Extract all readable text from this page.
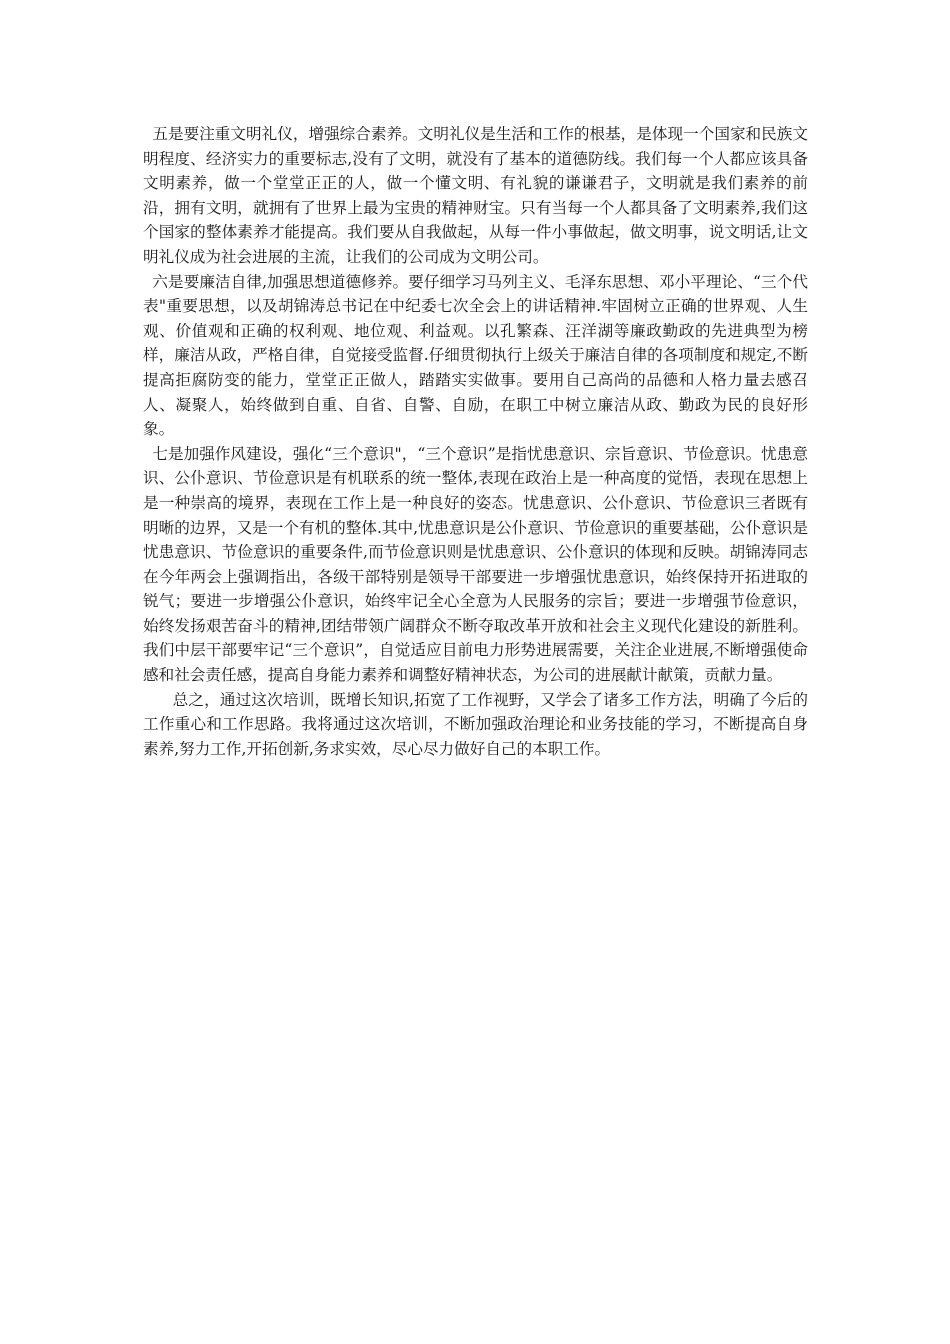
五是要注重文明礼仪，增强综合素养。文明礼仪是生活和工作的根基，是体现一个国家和民族文明程度、经济实力的重要标志,没有了文明，就没有了基本的道德防线。我们每一个人都应该具备文明素养，做一个堂堂正正的人，做一个懂文明、有礼貌的谦谦君子，文明就是我们素养的前沿，拥有文明，就拥有了世界上最为宝贵的精神财宝。只有当每一个人都具备了文明素养,我们这个国家的整体素养才能提高。我们要从自我做起，从每一件小事做起，做文明事，说文明话,让文明礼仪成为社会进展的主流，让我们的公司成为文明公司。

六是要廉洁自律,加强思想道德修养。要仔细学习马列主义、毛泽东思想、邓小平理论、“三个代表"重要思想，以及胡锦涛总书记在中纪委七次全会上的讲话精神.牢固树立正确的世界观、人生观、价值观和正确的权利观、地位观、利益观。以孔繁森、汪洋湖等廉政勤政的先进典型为榜样，廉洁从政，严格自律，自觉接受监督.仔细贯彻执行上级关于廉洁自律的各项制度和规定,不断提高拒腐防变的能力，堂堂正正做人，踏踏实实做事。要用自己高尚的品德和人格力量去感召人、凝聚人，始终做到自重、自省、自警、自励，在职工中树立廉洁从政、勤政为民的良好形象。

七是加强作风建设，强化“三个意识"，“三个意识”是指忧患意识、宗旨意识、节俭意识。忧患意识、公仆意识、节俭意识是有机联系的统一整体,表现在政治上是一种高度的觉悟，表现在思想上是一种崇高的境界，表现在工作上是一种良好的姿态。忧患意识、公仆意识、节俭意识三者既有明晰的边界，又是一个有机的整体.其中,忧患意识是公仆意识、节俭意识的重要基础，公仆意识是忧患意识、节俭意识的重要条件,而节俭意识则是忧患意识、公仆意识的体现和反映。胡锦涛同志在今年两会上强调指出，各级干部特别是领导干部要进一步增强忧患意识，始终保持开拓进取的锐气；要进一步增强公仆意识，始终牢记全心全意为人民服务的宗旨；要进一步增强节俭意识，始终发扬艰苦奋斗的精神,团结带领广阔群众不断夺取改革开放和社会主义现代化建设的新胜利。我们中层干部要牢记“三个意识”，自觉适应目前电力形势进展需要，关注企业进展,不断增强使命感和社会责任感，提高自身能力素养和调整好精神状态，为公司的进展献计献策，贡献力量。

总之，通过这次培训，既增长知识,拓宽了工作视野，又学会了诸多工作方法，明确了今后的工作重心和工作思路。我将通过这次培训，不断加强政治理论和业务技能的学习，不断提高自身素养,努力工作,开拓创新,务求实效，尽心尽力做好自己的本职工作。
